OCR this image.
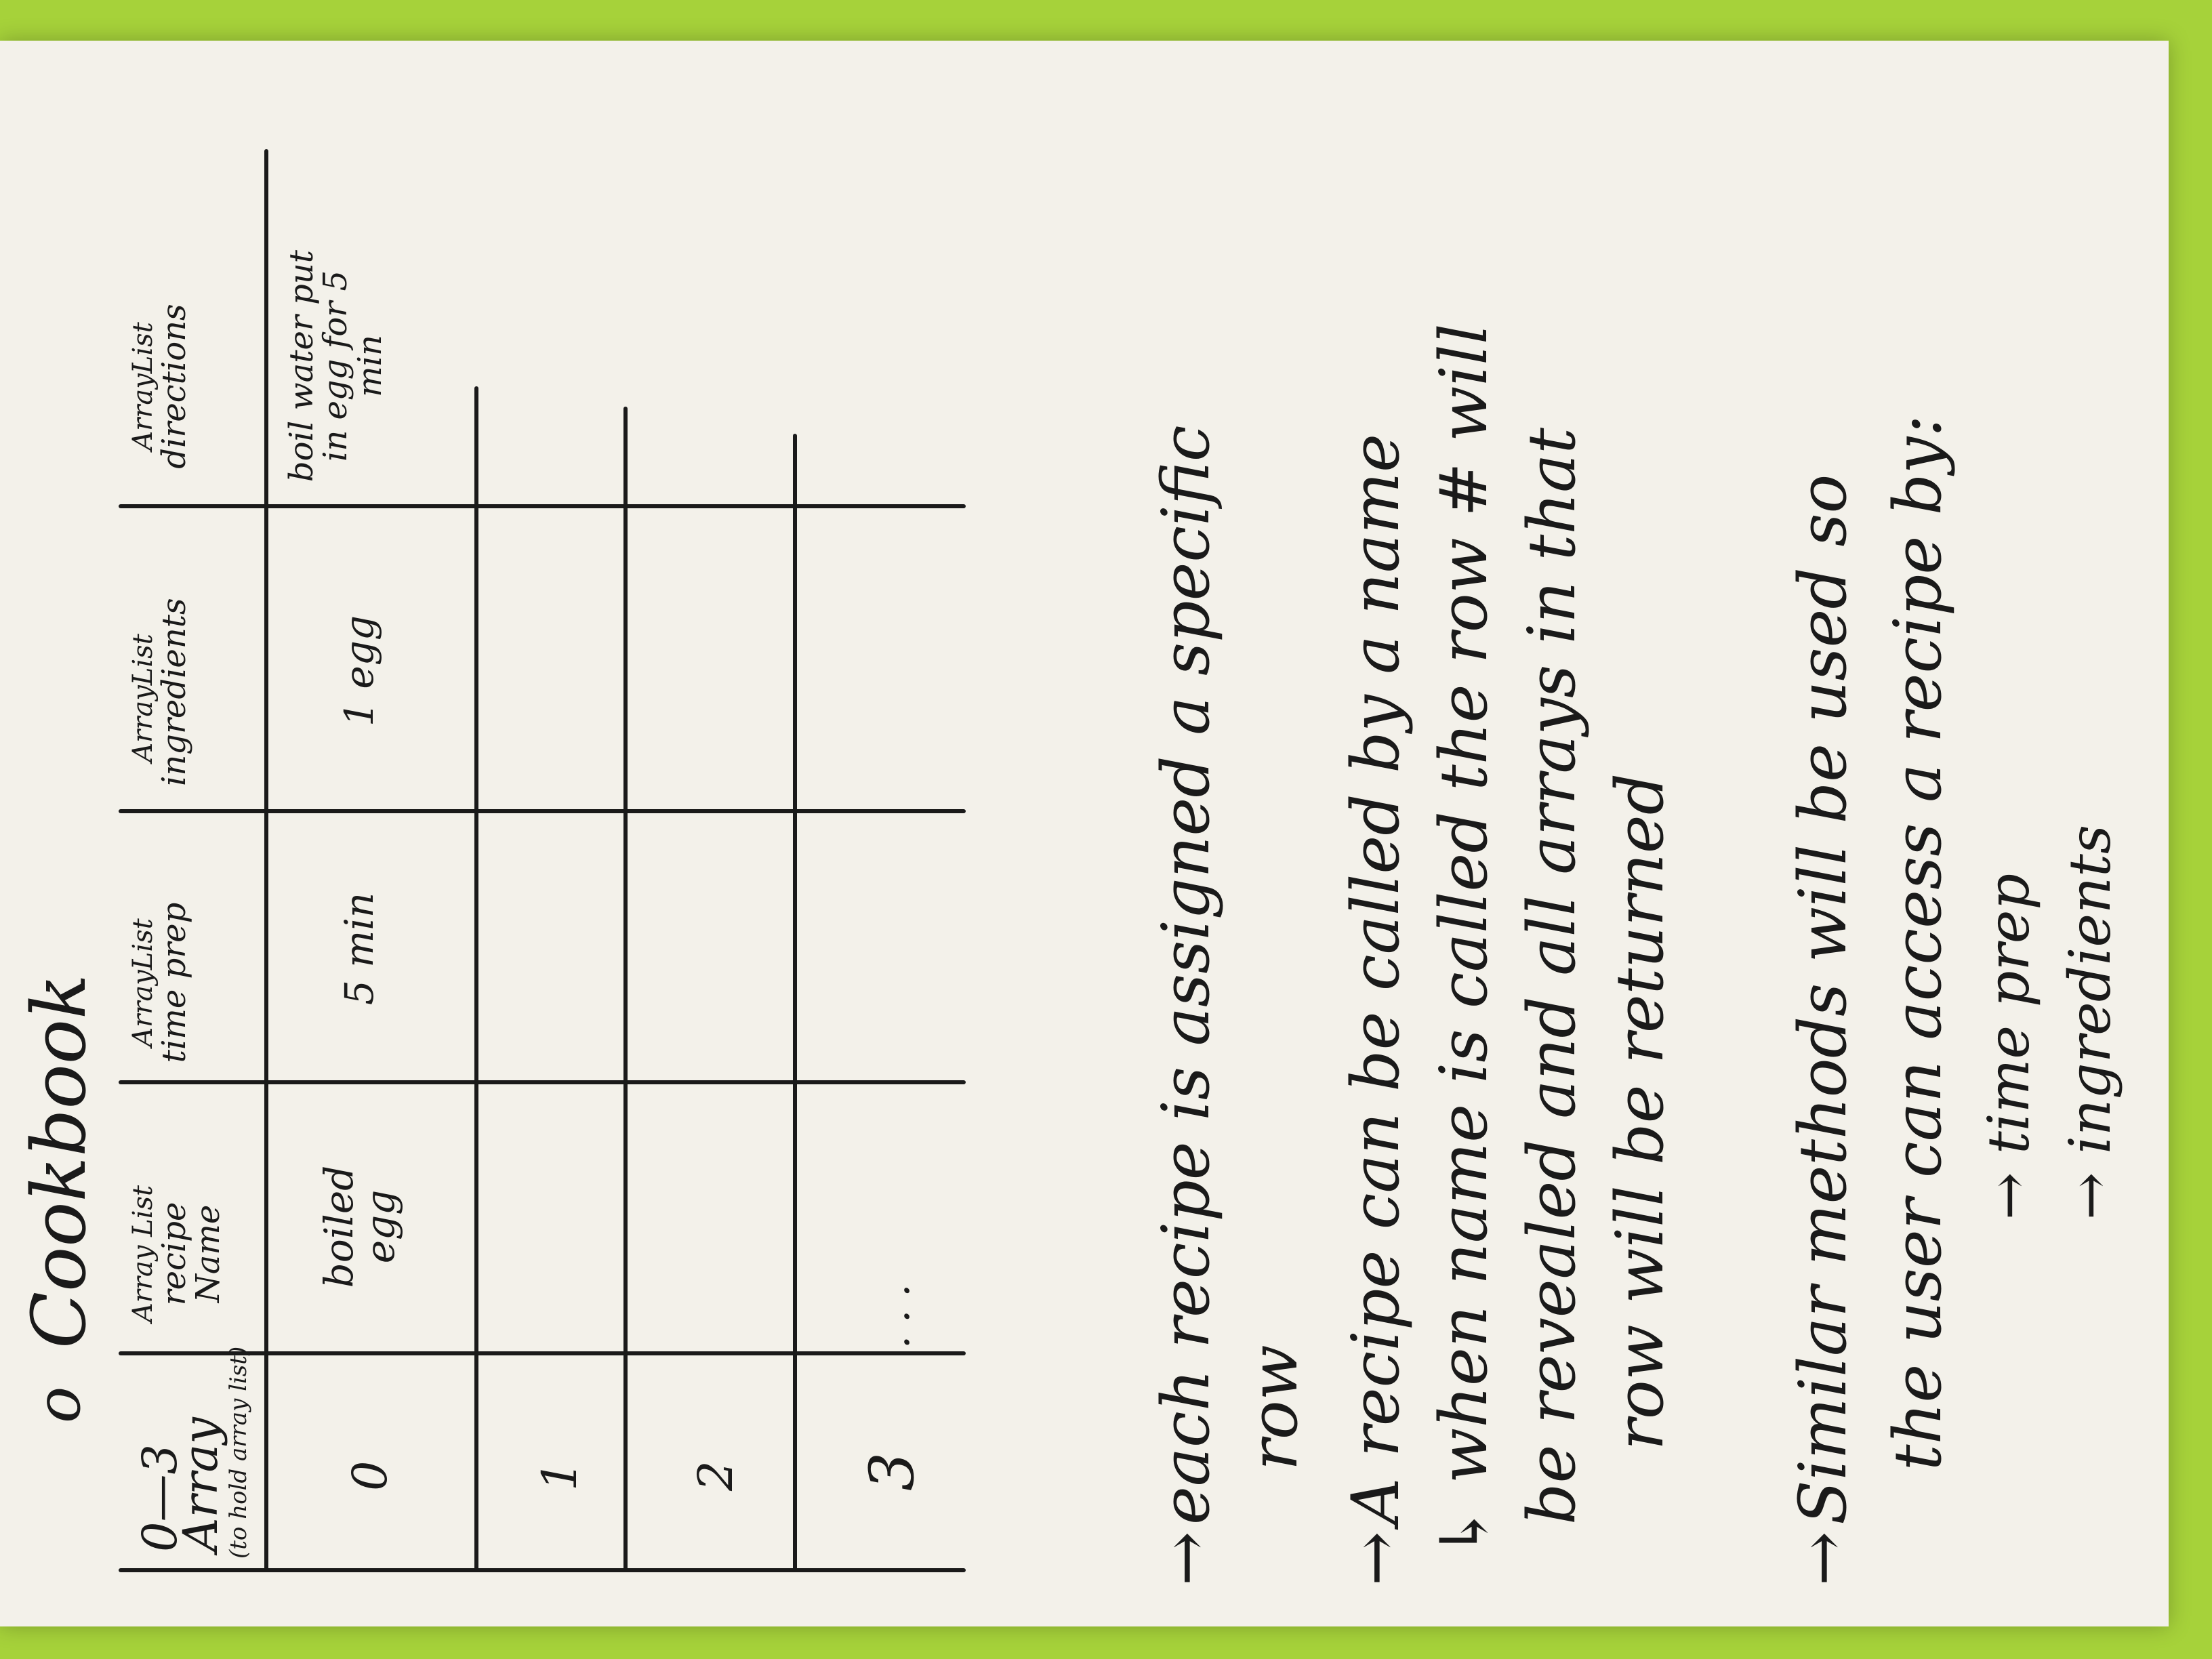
o
Cookbook
0—3
Array
(to hold array list)
Array List
recipe Name
ArrayList
time prep
ArrayList
ingredients
ArrayList
directions
0
boiled egg
5 min
1 egg
boil water put in egg for 5 min
1 2 3
. . .
→
each recipe is assigned a specific row
→
A recipe can be called by a name ↳ when name is called the row # will be revealed and all arrays in that row will be returned
→
Similar methods will be used so the user can access a recipe by: → time prep → ingredients
